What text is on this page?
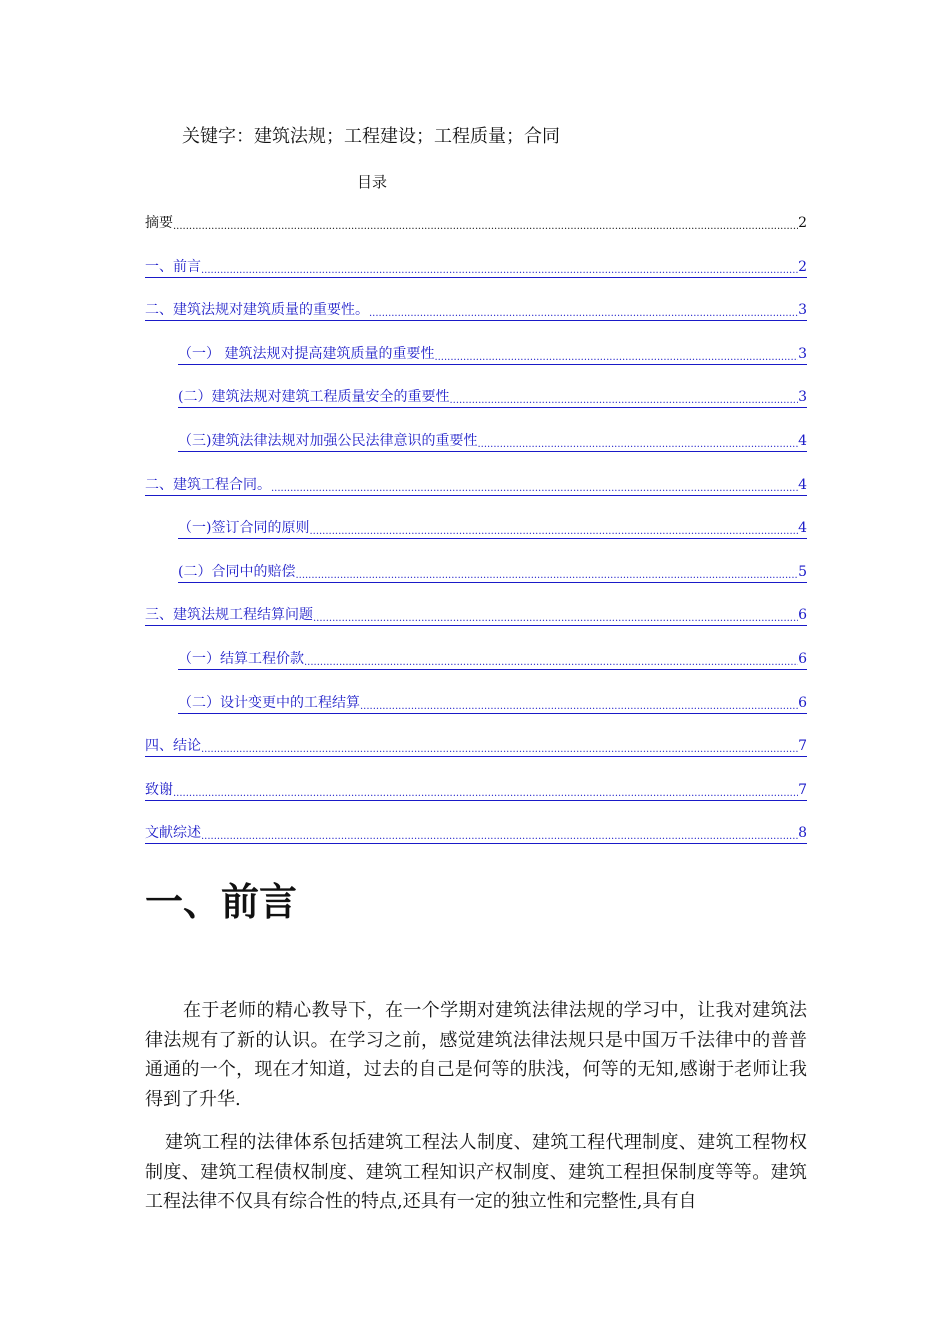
关键字：建筑法规；工程建设；工程质量；合同
目录
摘要 .....	2
一、前言 .....	2
二、建筑法规对建筑质量的重要性。 .....	3
（一） 建筑法规对提高建筑质量的重要性 .....	3
(二）建筑法规对建筑工程质量安全的重要性 .....	3
（三)建筑法律法规对加强公民法律意识的重要性 .....	4
二、建筑工程合同。 .....	4
（一)签订合同的原则 .....	4
(二）合同中的赔偿 .....	5
三、建筑法规工程结算问题 .....	6
（一）结算工程价款 .....	6
（二）设计变更中的工程结算 .....	6
四、结论 .....	7
致谢 .....	7
文献综述 .....	8
一、前言

在于老师的精心教导下，在一个学期对建筑法律法规的学习中，让我对建筑法律法规有了新的认识。在学习之前，感觉建筑法律法规只是中国万千法律中的普普通通的一个，现在才知道，过去的自己是何等的肤浅，何等的无知,感谢于老师让我得到了升华.

建筑工程的法律体系包括建筑工程法人制度、建筑工程代理制度、建筑工程物权制度、建筑工程债权制度、建筑工程知识产权制度、建筑工程担保制度等等。建筑工程法律不仅具有综合性的特点,还具有一定的独立性和完整性,具有自
